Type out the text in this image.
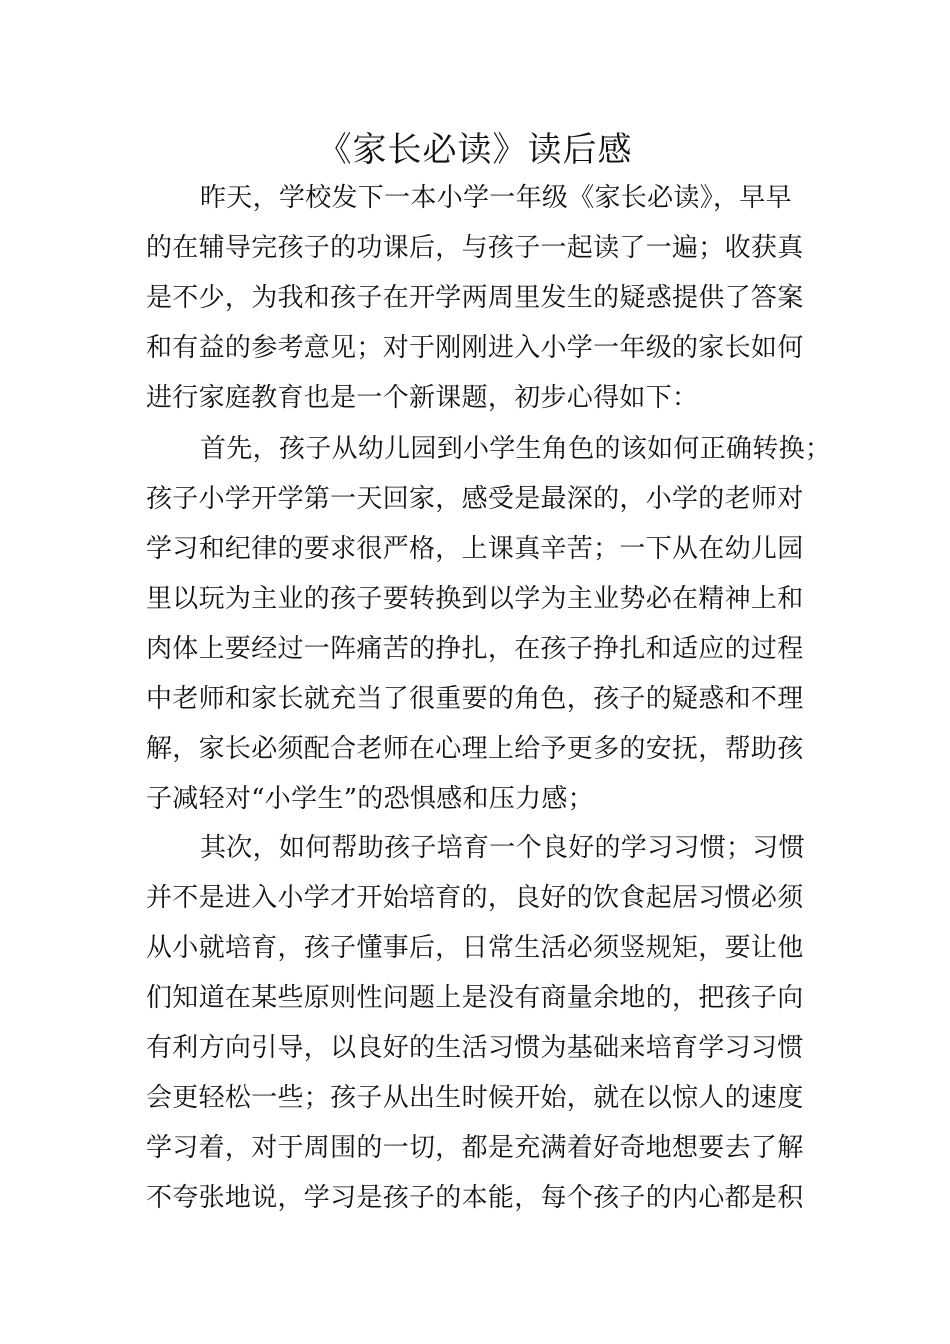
《家长必读》读后感
昨天，学校发下一本小学一年级《家长必读》，早早
的在辅导完孩子的功课后，与孩子一起读了一遍；收获真
是不少，为我和孩子在开学两周里发生的疑惑提供了答案
和有益的参考意见；对于刚刚进入小学一年级的家长如何
进行家庭教育也是一个新课题，初步心得如下：
首先，孩子从幼儿园到小学生角色的该如何正确转换；
孩子小学开学第一天回家，感受是最深的，小学的老师对
学习和纪律的要求很严格，上课真辛苦；一下从在幼儿园
里以玩为主业的孩子要转换到以学为主业势必在精神上和
肉体上要经过一阵痛苦的挣扎，在孩子挣扎和适应的过程
中老师和家长就充当了很重要的角色，孩子的疑惑和不理
解，家长必须配合老师在心理上给予更多的安抚，帮助孩
子减轻对“小学生”的恐惧感和压力感；
其次，如何帮助孩子培育一个良好的学习习惯；习惯
并不是进入小学才开始培育的，良好的饮食起居习惯必须
从小就培育，孩子懂事后，日常生活必须竖规矩，要让他
们知道在某些原则性问题上是没有商量余地的，把孩子向
有利方向引导，以良好的生活习惯为基础来培育学习习惯
会更轻松一些；孩子从出生时候开始，就在以惊人的速度
学习着，对于周围的一切，都是充满着好奇地想要去了解
不夸张地说，学习是孩子的本能，每个孩子的内心都是积
